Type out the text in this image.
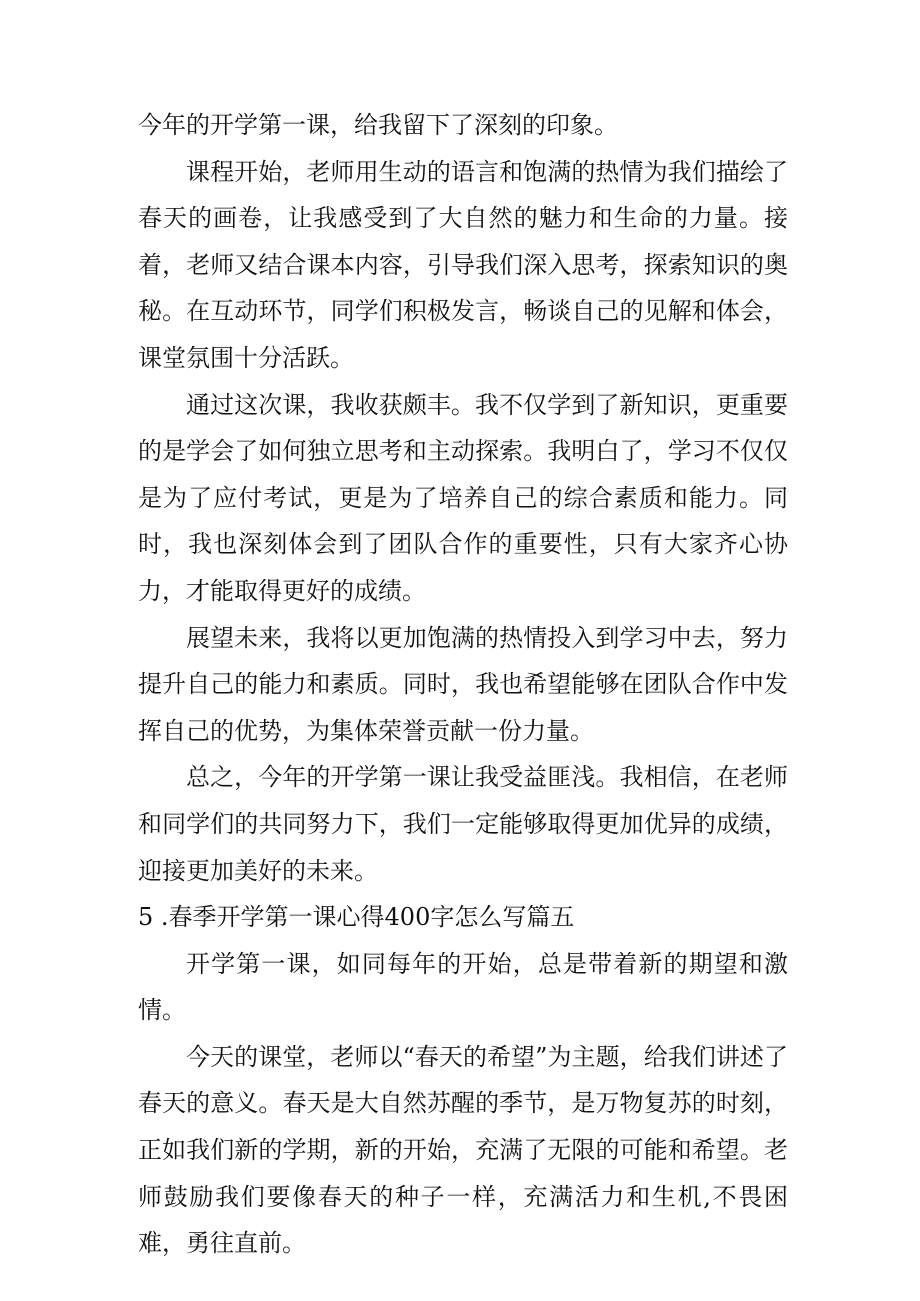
今年的开学第一课，给我留下了深刻的印象。

课程开始，老师用生动的语言和饱满的热情为我们描绘了春天的画卷，让我感受到了大自然的魅力和生命的力量。接着，老师又结合课本内容，引导我们深入思考，探索知识的奥秘。在互动环节，同学们积极发言，畅谈自己的见解和体会，课堂氛围十分活跃。

通过这次课，我收获颇丰。我不仅学到了新知识，更重要的是学会了如何独立思考和主动探索。我明白了，学习不仅仅是为了应付考试，更是为了培养自己的综合素质和能力。同时，我也深刻体会到了团队合作的重要性，只有大家齐心协力，才能取得更好的成绩。

展望未来，我将以更加饱满的热情投入到学习中去，努力提升自己的能力和素质。同时，我也希望能够在团队合作中发挥自己的优势，为集体荣誉贡献一份力量。

总之，今年的开学第一课让我受益匪浅。我相信，在老师和同学们的共同努力下，我们一定能够取得更加优异的成绩，迎接更加美好的未来。

5 .春季开学第一课心得400字怎么写篇五

开学第一课，如同每年的开始，总是带着新的期望和激情。

今天的课堂，老师以“春天的希望”为主题，给我们讲述了春天的意义。春天是大自然苏醒的季节，是万物复苏的时刻，正如我们新的学期，新的开始，充满了无限的可能和希望。老师鼓励我们要像春天的种子一样，充满活力和生机,不畏困难，勇往直前。
